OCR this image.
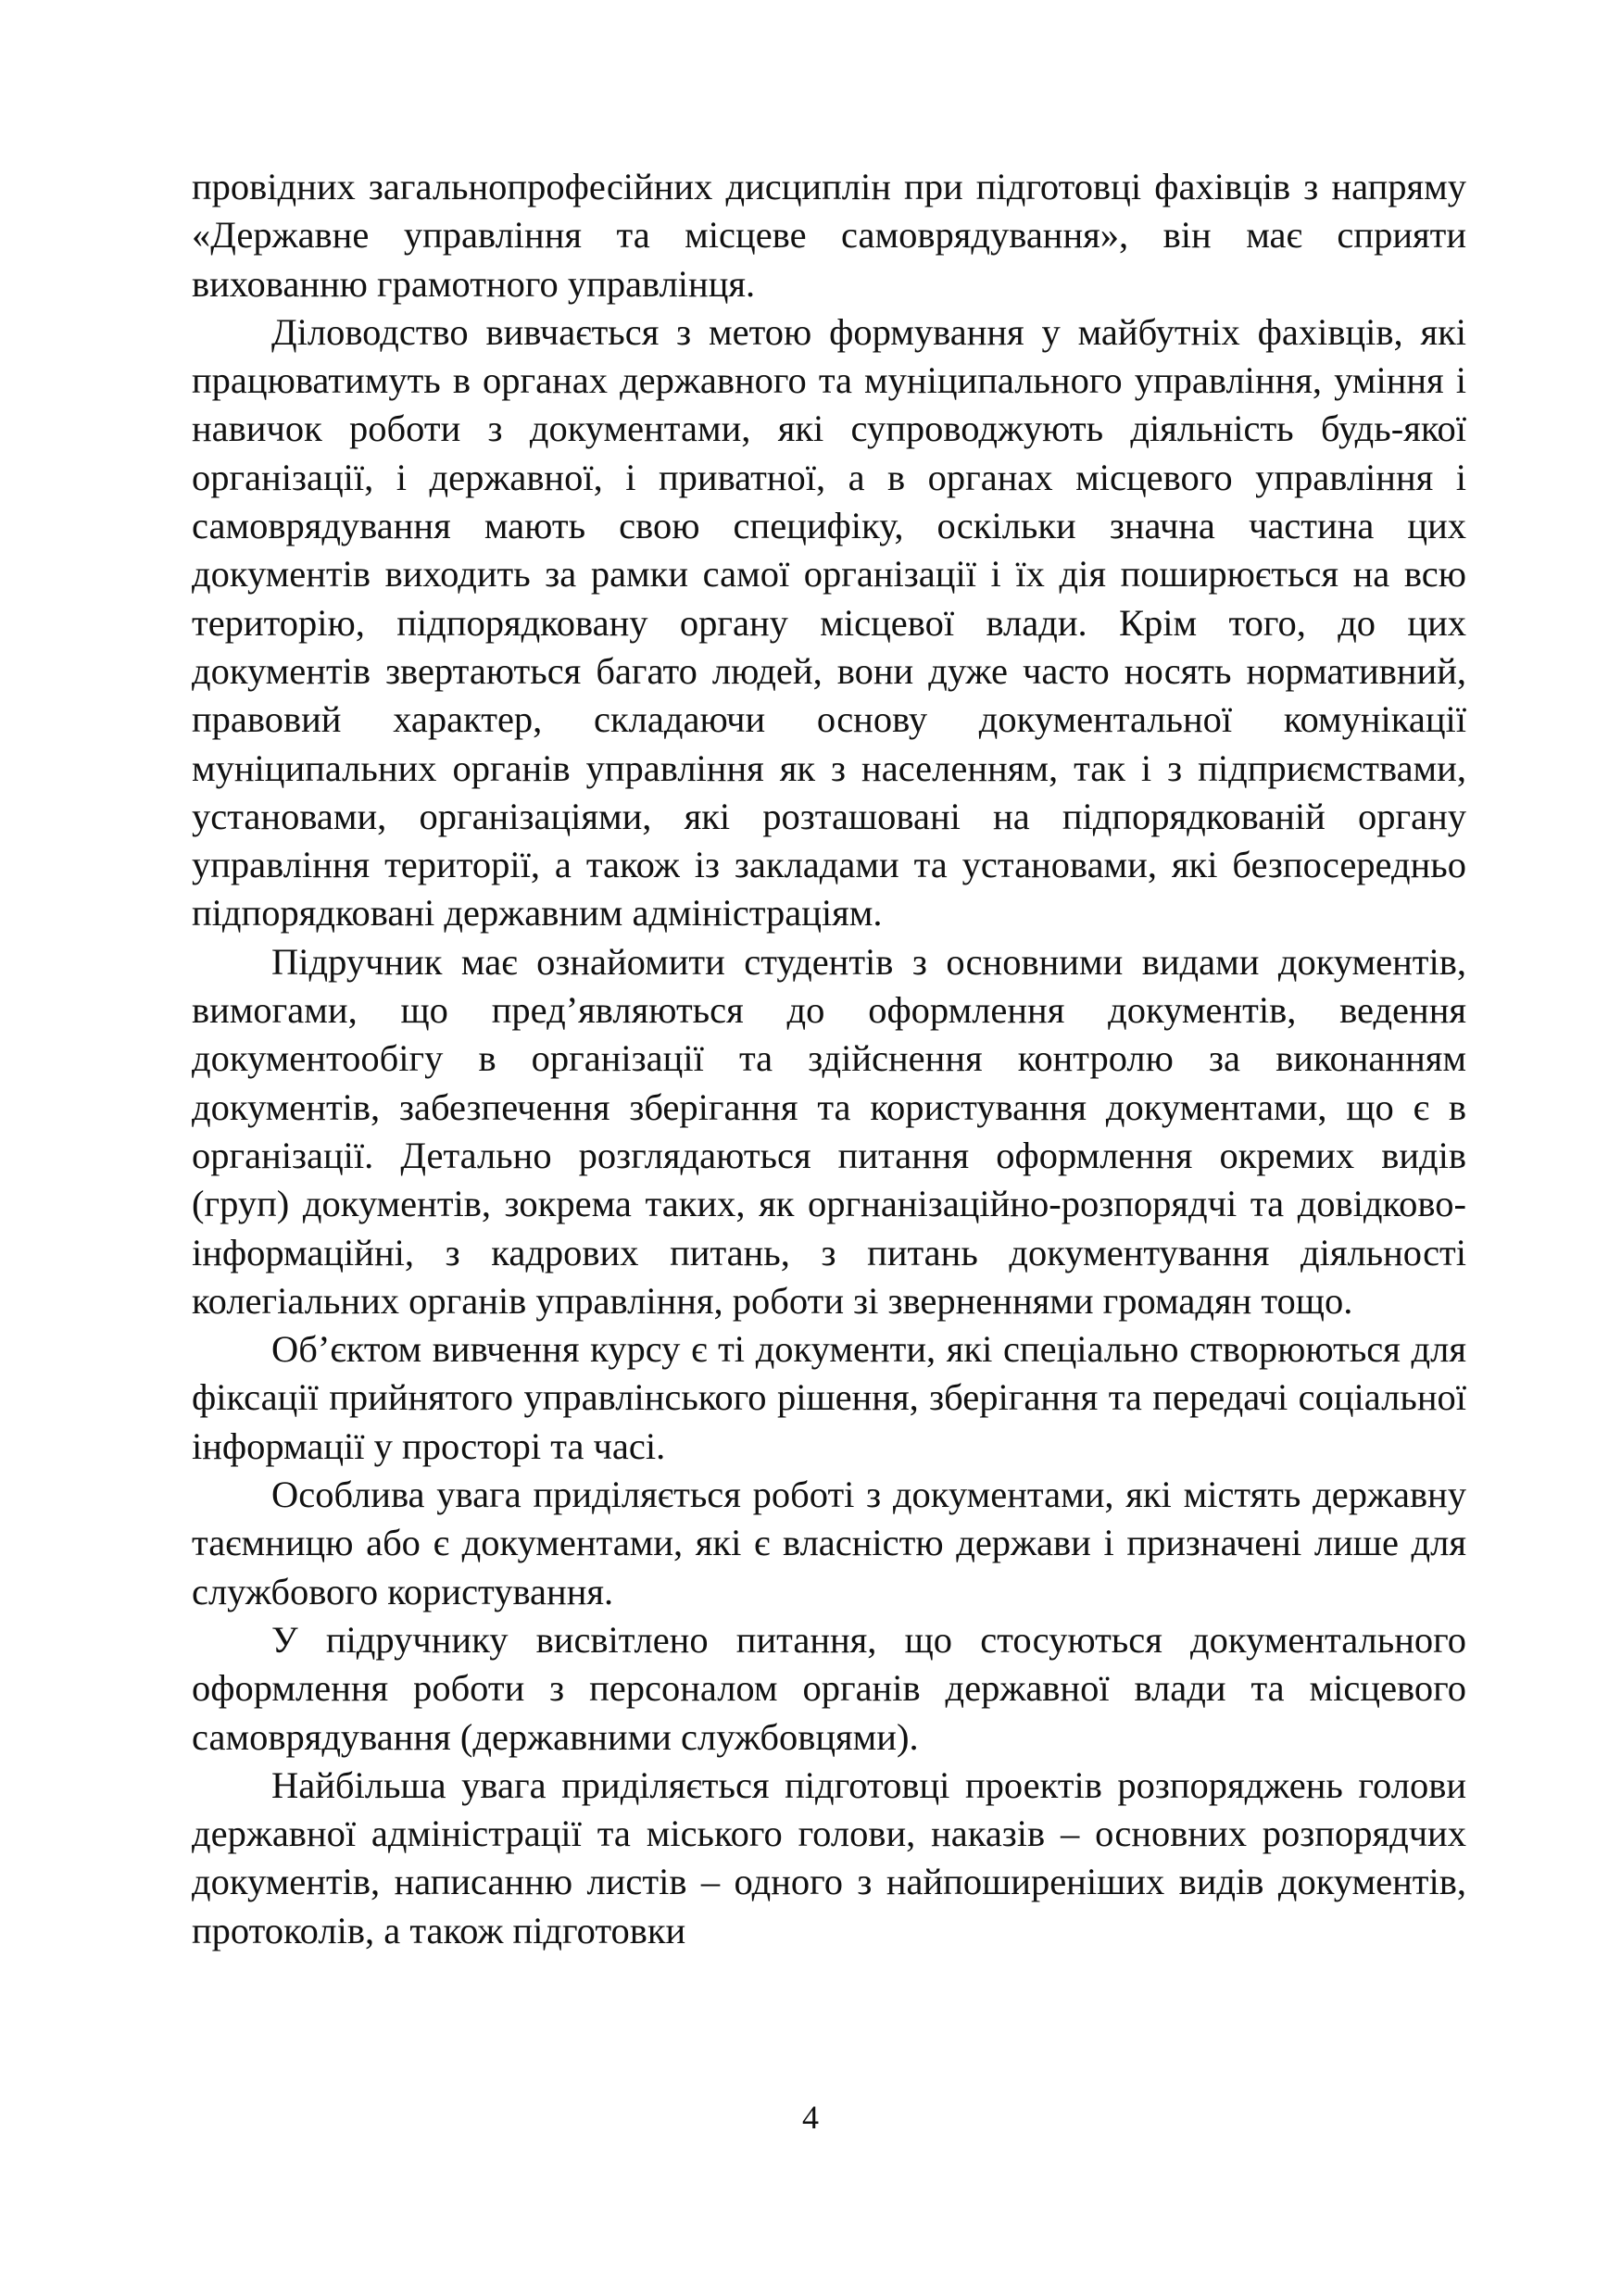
провідних загальнопрофесійних дисциплін при підготовці фахівців з напряму «Державне управління та місцеве самоврядування», він має сприяти вихованню грамотного управлінця.

Діловодство вивчається з метою формування у майбутніх фахівців, які працюватимуть в органах державного та муніципального управління, уміння і навичок роботи з документами, які супроводжують діяльність будь-якої організації, і державної, і приватної, а в органах місцевого управління і самоврядування мають свою специфіку, оскільки значна частина цих документів виходить за рамки самої організації і їх дія поширюється на всю територію, підпорядковану органу місцевої влади. Крім того, до цих документів звертаються багато людей, вони дуже часто носять нормативний, правовий характер, складаючи основу документальної комунікації муніципальних органів управління як з населенням, так і з підприємствами, установами, організаціями, які розташовані на підпорядкованій органу управління території, а також із закладами та установами, які безпосередньо підпорядковані державним адміністраціям.

Підручник має ознайомити студентів з основними видами документів, вимогами, що пред’являються до оформлення документів, ведення документообігу в організації та здійснення контролю за виконанням документів, забезпечення зберігання та користування документами, що є в організації. Детально розглядаються питання оформлення окремих видів (груп) документів, зокрема таких, як оргнанізаційно-розпорядчі та довідково-інформаційні, з кадрових питань, з питань документування діяльності колегіальних органів управління, роботи зі зверненнями громадян тощо.

Об’єктом вивчення курсу є ті документи, які спеціально створюються для фіксації прийнятого управлінського рішення, зберігання та передачі соціальної інформації у просторі та часі.

Особлива увага приділяється роботі з документами, які містять державну таємницю або є документами, які є власністю держави і призначені лише для службового користування.

У підручнику висвітлено питання, що стосуються документального оформлення роботи з персоналом органів державної влади та місцевого самоврядування (державними службовцями).

Найбільша увага приділяється підготовці проектів розпоряджень голови державної адміністрації та міського голови, наказів – основних розпорядчих документів, написанню листів – одного з найпоширеніших видів документів, протоколів, а також підготовки

4
